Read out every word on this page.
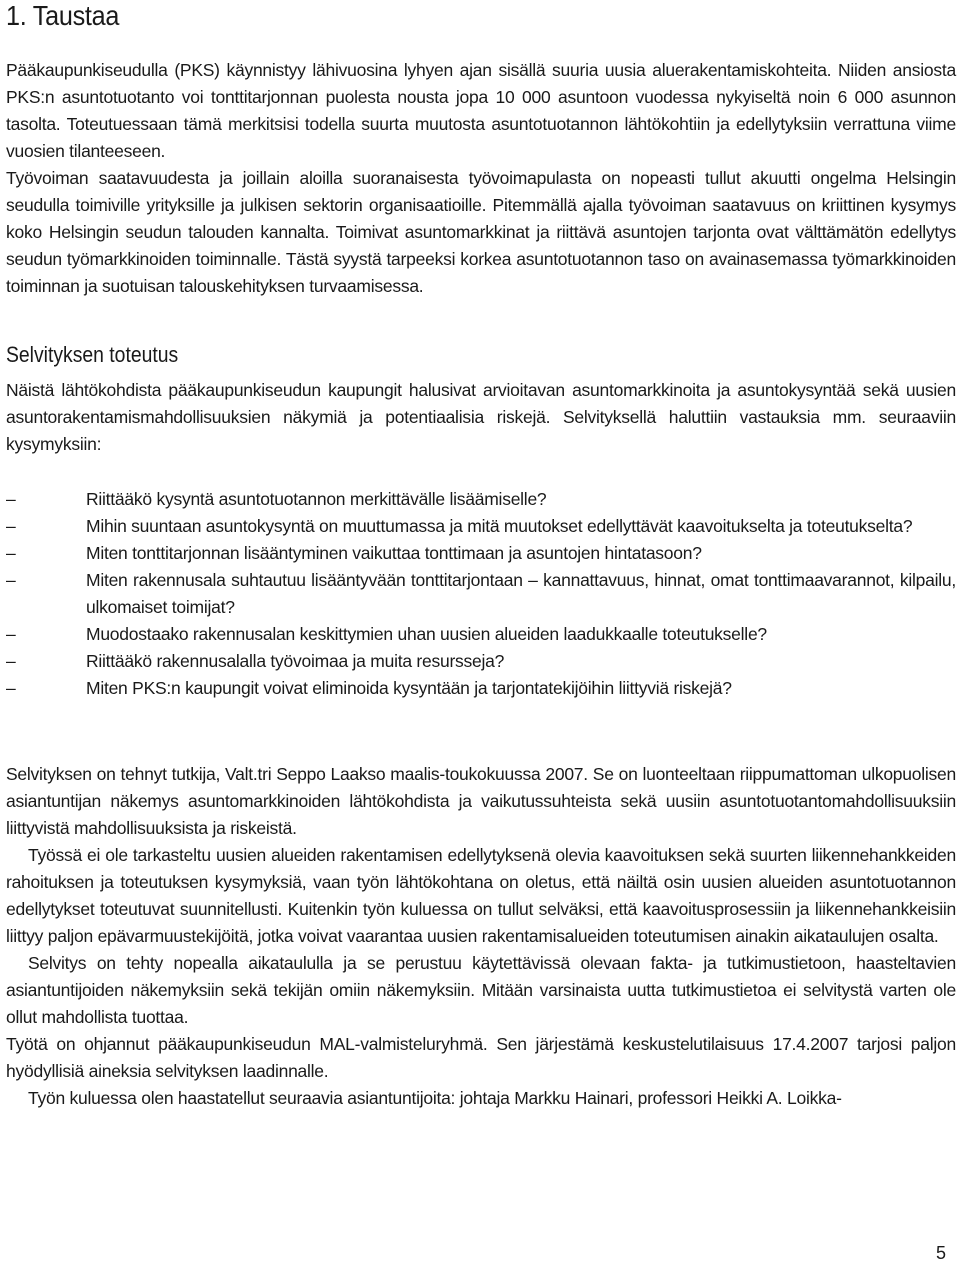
1. Taustaa

Pääkaupunkiseudulla (PKS) käynnistyy lähivuosina lyhyen ajan sisällä suuria uusia aluerakentamiskohteita. Niiden ansiosta PKS:n asuntotuotanto voi tonttitarjonnan puolesta nousta jopa 10 000 asuntoon vuodessa nykyiseltä noin 6 000 asunnon tasolta. Toteutuessaan tämä merkitsisi todella suurta muutosta asuntotuotannon lähtökohtiin ja edellytyksiin verrattuna viime vuosien tilanteeseen.

Työvoiman saatavuudesta ja joillain aloilla suoranaisesta työvoimapulasta on nopeasti tullut akuutti ongelma Helsingin seudulla toimiville yrityksille ja julkisen sektorin organisaatioille. Pitemmällä ajalla työvoiman saatavuus on kriittinen kysymys koko Helsingin seudun talouden kannalta. Toimivat asuntomarkkinat ja riittävä asuntojen tarjonta ovat välttämätön edellytys seudun työmarkkinoiden toiminnalle. Tästä syystä tarpeeksi korkea asuntotuotannon taso on avainasemassa työmarkkinoiden toiminnan ja suotuisan talouskehityksen turvaamisessa.

Selvityksen toteutus

Näistä lähtökohdista pääkaupunkiseudun kaupungit halusivat arvioitavan asuntomarkkinoita ja asuntokysyntää sekä uusien asuntorakentamismahdollisuuksien näkymiä ja potentiaalisia riskejä. Selvityksellä haluttiin vastauksia mm. seuraaviin kysymyksiin:

–	Riittääkö kysyntä asuntotuotannon merkittävälle lisäämiselle?
–	Mihin suuntaan asuntokysyntä on muuttumassa ja mitä muutokset edellyttävät kaavoitukselta ja toteutukselta?
–	Miten tonttitarjonnan lisääntyminen vaikuttaa tonttimaan ja asuntojen hintatasoon?
–	Miten rakennusala suhtautuu lisääntyvään tonttitarjontaan – kannattavuus, hinnat, omat tonttimaavarannot, kilpailu, ulkomaiset toimijat?
–	Muodostaako rakennusalan keskittymien uhan uusien alueiden laadukkaalle toteutukselle?
–	Riittääkö rakennusalalla työvoimaa ja muita resursseja?
–	Miten PKS:n kaupungit voivat eliminoida kysyntään ja tarjontatekijöihin liittyviä riskejä?

Selvityksen on tehnyt tutkija, Valt.tri Seppo Laakso maalis-toukokuussa 2007. Se on luonteeltaan riippumattoman ulkopuolisen asiantuntijan näkemys asuntomarkkinoiden lähtökohdista ja vaikutussuhteista sekä uusiin asuntotuotantomahdollisuuksiin liittyvistä mahdollisuuksista ja riskeistä.

Työssä ei ole tarkasteltu uusien alueiden rakentamisen edellytyksenä olevia kaavoituksen sekä suurten liikennehankkeiden rahoituksen ja toteutuksen kysymyksiä, vaan työn lähtökohtana on oletus, että näiltä osin uusien alueiden asuntotuotannon edellytykset toteutuvat suunnitellusti. Kuitenkin työn kuluessa on tullut selväksi, että kaavoitusprosessiin ja liikennehankkeisiin liittyy paljon epävarmuustekijöitä, jotka voivat vaarantaa uusien rakentamisalueiden toteutumisen ainakin aikataulujen osalta.

Selvitys on tehty nopealla aikataululla ja se perustuu käytettävissä olevaan fakta- ja tutkimustietoon, haasteltavien asiantuntijoiden näkemyksiin sekä tekijän omiin näkemyksiin. Mitään varsinaista uutta tutkimustietoa ei selvitystä varten ole ollut mahdollista tuottaa.

Työtä on ohjannut pääkaupunkiseudun MAL-valmisteluryhmä. Sen järjestämä keskustelutilaisuus 17.4.2007 tarjosi paljon hyödyllisiä aineksia selvityksen laadinnalle.

Työn kuluessa olen haastatellut seuraavia asiantuntijoita: johtaja Markku Hainari, professori Heikki A. Loikka-

5
